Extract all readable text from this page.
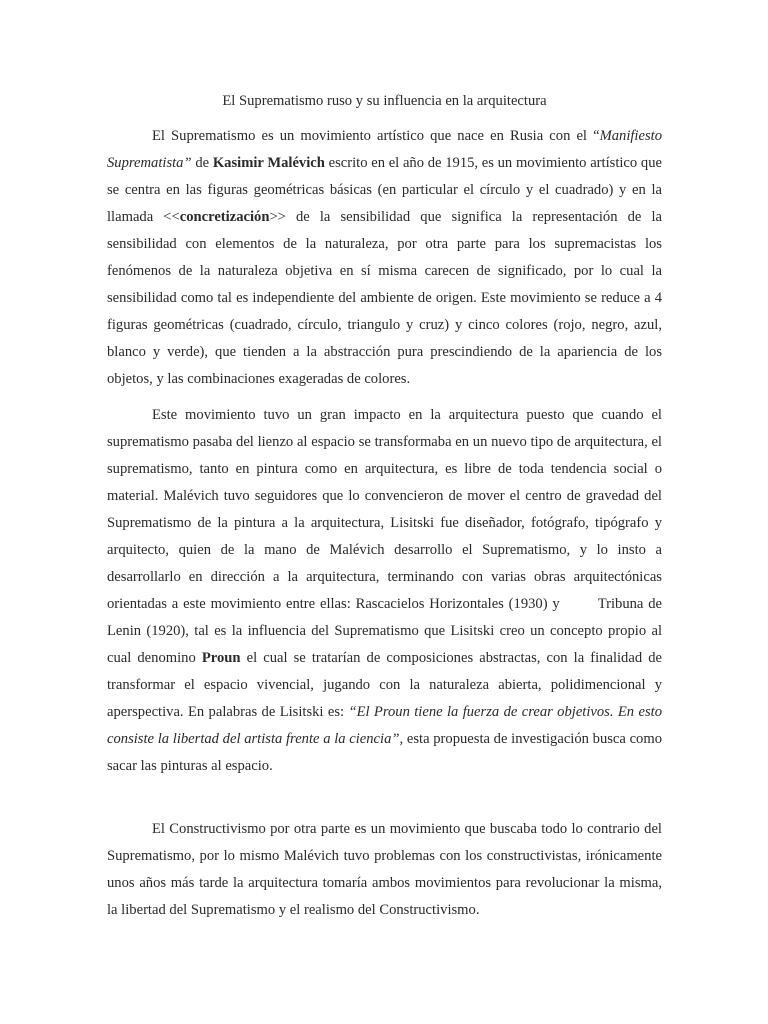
El Suprematismo ruso y su influencia en la arquitectura

El Suprematismo es un movimiento artístico que nace en Rusia con el “Manifiesto Suprematista” de Kasimir Malévich escrito en el año de 1915, es un movimiento artístico que se centra en las figuras geométricas básicas (en particular el círculo y el cuadrado) y en la llamada <<concretización>> de la sensibilidad que significa la representación de la sensibilidad con elementos de la naturaleza, por otra parte para los supremacistas los fenómenos de la naturaleza objetiva en sí misma carecen de significado, por lo cual la sensibilidad como tal es independiente del ambiente de origen. Este movimiento se reduce a 4 figuras geométricas (cuadrado, círculo, triangulo y cruz) y cinco colores (rojo, negro, azul, blanco y verde), que tienden a la abstracción pura prescindiendo de la apariencia de los objetos, y las combinaciones exageradas de colores.

Este movimiento tuvo un gran impacto en la arquitectura puesto que cuando el suprematismo pasaba del lienzo al espacio se transformaba en un nuevo tipo de arquitectura, el suprematismo, tanto en pintura como en arquitectura, es libre de toda tendencia social o material. Malévich tuvo seguidores que lo convencieron de mover el centro de gravedad del Suprematismo de la pintura a la arquitectura, Lisitski fue diseñador, fotógrafo, tipógrafo y arquitecto, quien de la mano de Malévich desarrollo el Suprematismo, y lo insto a desarrollarlo en dirección a la arquitectura, terminando con varias obras arquitectónicas orientadas a este movimiento entre ellas: Rascacielos Horizontales (1930) y	Tribuna de Lenin (1920), tal es la influencia del Suprematismo que Lisitski creo un concepto propio al cual denomino Proun el cual se tratarían de composiciones abstractas, con la finalidad de transformar el espacio vivencial, jugando con la naturaleza abierta, polidimencional y aperspectiva. En palabras de Lisitski es: “El Proun tiene la fuerza de crear objetivos. En esto consiste la libertad del artista frente a la ciencia”, esta propuesta de investigación busca como sacar las pinturas al espacio.

El Constructivismo por otra parte es un movimiento que buscaba todo lo contrario del Suprematismo, por lo mismo Malévich tuvo problemas con los constructivistas, irónicamente unos años más tarde la arquitectura tomaría ambos movimientos para revolucionar la misma, la libertad del Suprematismo y el realismo del Constructivismo.
